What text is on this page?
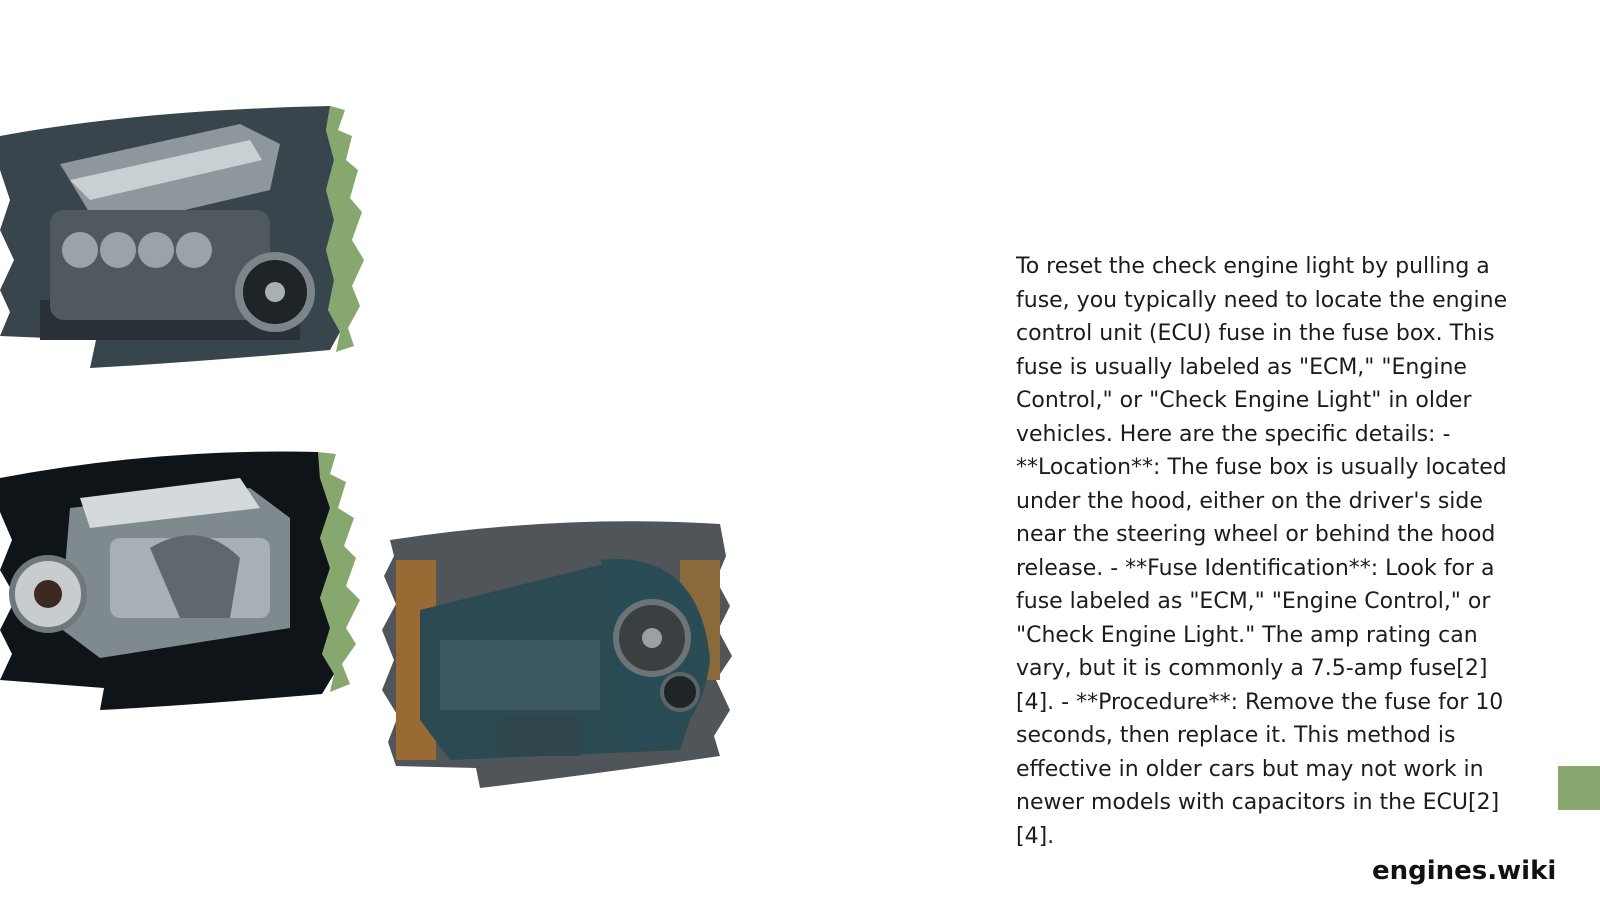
To reset the check engine light by pulling a fuse, you typically need to locate the engine control unit (ECU) fuse in the fuse box. This fuse is usually labeled as "ECM," "Engine Control," or "Check Engine Light" in older vehicles. Here are the specific details: - **Location**: The fuse box is usually located under the hood, either on the driver's side near the steering wheel or behind the hood release. - **Fuse Identification**: Look for a fuse labeled as "ECM," "Engine Control," or "Check Engine Light." The amp rating can vary, but it is commonly a 7.5-amp fuse[2][4]. - **Procedure**: Remove the fuse for 10 seconds, then replace it. This method is effective in older cars but may not work in newer models with capacitors in the ECU[2][4].
engines.wiki
